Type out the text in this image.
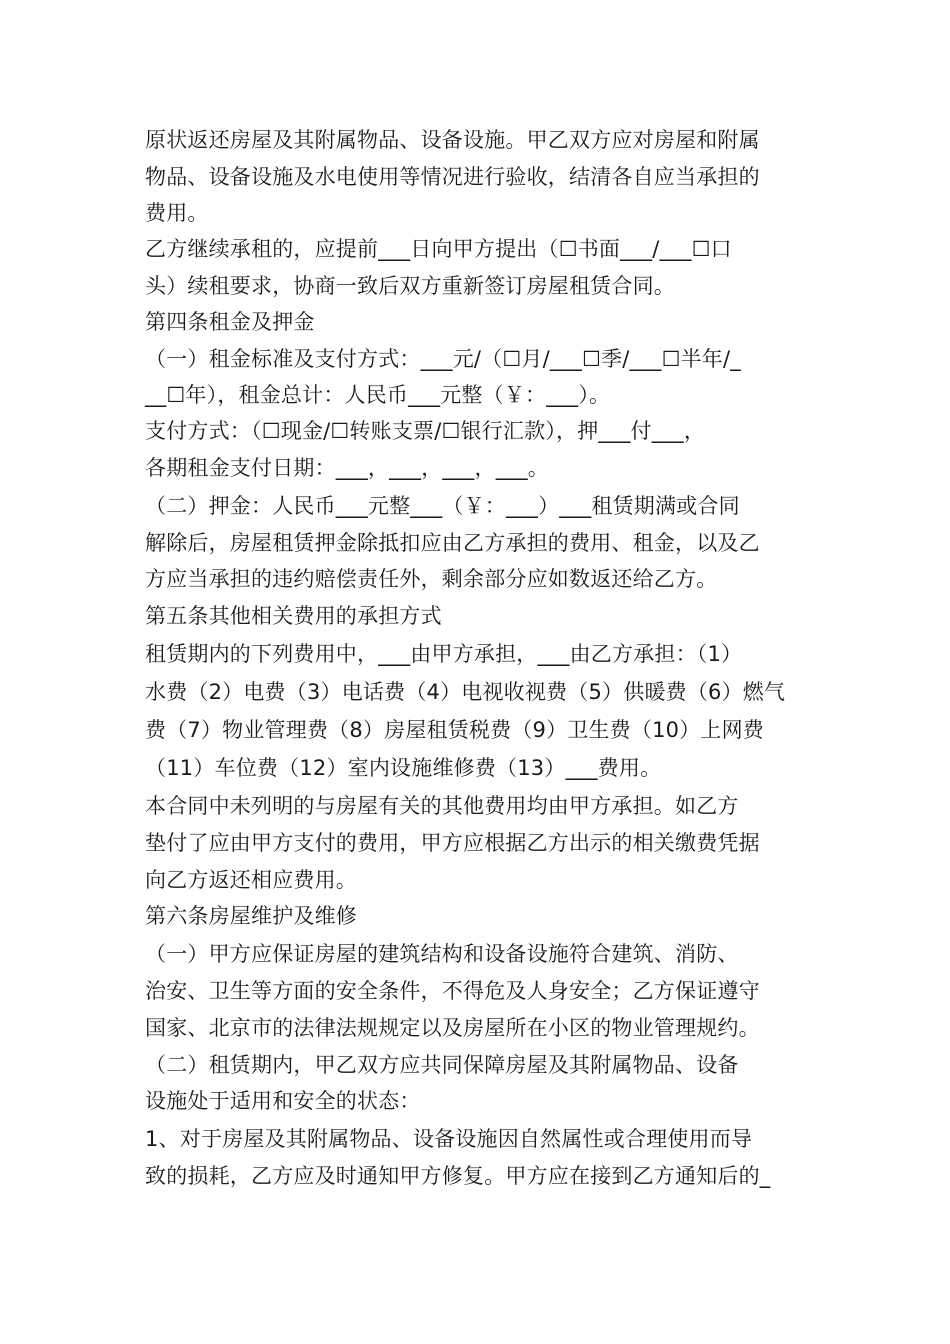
原状返还房屋及其附属物品、设备设施。甲乙双方应对房屋和附属
物品、设备设施及水电使用等情况进行验收，结清各自应当承担的
费用。
乙方继续承租的，应提前___日向甲方提出（☐书面___/___☐口
头）续租要求，协商一致后双方重新签订房屋租赁合同。
第四条租金及押金
（一）租金标准及支付方式：___元/（☐月/___☐季/___☐半年/_
__☐年），租金总计：人民币___元整（￥：___）。
支付方式：（☐现金/☐转账支票/☐银行汇款），押___付___，
各期租金支付日期：___，___，___，___。
（二）押金：人民币___元整___（￥：___）___租赁期满或合同
解除后，房屋租赁押金除抵扣应由乙方承担的费用、租金，以及乙
方应当承担的违约赔偿责任外，剩余部分应如数返还给乙方。
第五条其他相关费用的承担方式
租赁期内的下列费用中，___由甲方承担，___由乙方承担：（1）
水费（2）电费（3）电话费（4）电视收视费（5）供暖费（6）燃气
费（7）物业管理费（8）房屋租赁税费（9）卫生费（10）上网费
（11）车位费（12）室内设施维修费（13）___费用。
本合同中未列明的与房屋有关的其他费用均由甲方承担。如乙方
垫付了应由甲方支付的费用，甲方应根据乙方出示的相关缴费凭据
向乙方返还相应费用。
第六条房屋维护及维修
（一）甲方应保证房屋的建筑结构和设备设施符合建筑、消防、
治安、卫生等方面的安全条件，不得危及人身安全；乙方保证遵守
国家、北京市的法律法规规定以及房屋所在小区的物业管理规约。
（二）租赁期内，甲乙双方应共同保障房屋及其附属物品、设备
设施处于适用和安全的状态：
1、对于房屋及其附属物品、设备设施因自然属性或合理使用而导
致的损耗，乙方应及时通知甲方修复。甲方应在接到乙方通知后的_
